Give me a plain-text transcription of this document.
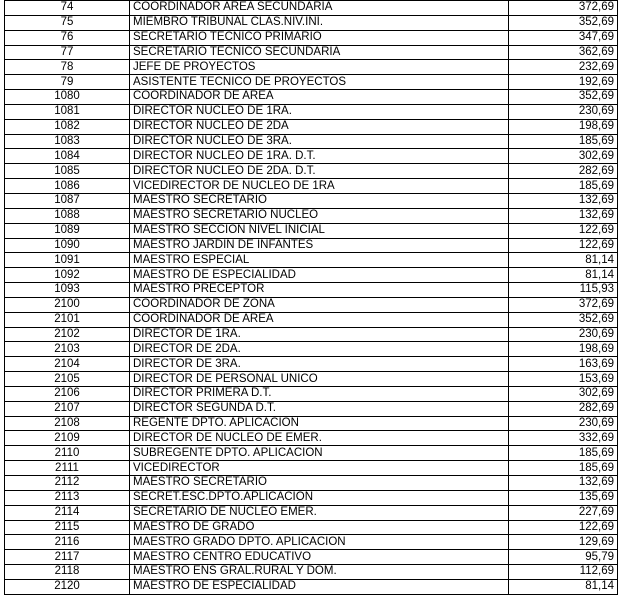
74	COORDINADOR AREA SECUNDARIA	372,69
75	MIEMBRO TRIBUNAL CLAS.NIV.INI.	352,69
76	SECRETARIO TECNICO PRIMARIO	347,69
77	SECRETARIO TECNICO SECUNDARIA	362,69
78	JEFE DE PROYECTOS	232,69
79	ASISTENTE TECNICO DE PROYECTOS	192,69
1080	COORDINADOR DE AREA	352,69
1081	DIRECTOR NUCLEO DE 1RA.	230,69
1082	DIRECTOR NUCLEO DE 2DA	198,69
1083	DIRECTOR NUCLEO DE 3RA.	185,69
1084	DIRECTOR NUCLEO DE 1RA. D.T.	302,69
1085	DIRECTOR NUCLEO DE 2DA. D.T.	282,69
1086	VICEDIRECTOR DE NUCLEO DE 1RA	185,69
1087	MAESTRO SECRETARIO	132,69
1088	MAESTRO SECRETARIO NUCLEO	132,69
1089	MAESTRO SECCION NIVEL INICIAL	122,69
1090	MAESTRO JARDIN DE INFANTES	122,69
1091	MAESTRO ESPECIAL	81,14
1092	MAESTRO DE ESPECIALIDAD	81,14
1093	MAESTRO PRECEPTOR	115,93
2100	COORDINADOR DE ZONA	372,69
2101	COORDINADOR DE AREA	352,69
2102	DIRECTOR DE 1RA.	230,69
2103	DIRECTOR DE 2DA.	198,69
2104	DIRECTOR DE 3RA.	163,69
2105	DIRECTOR DE PERSONAL UNICO	153,69
2106	DIRECTOR PRIMERA D.T.	302,69
2107	DIRECTOR SEGUNDA D.T.	282,69
2108	REGENTE DPTO. APLICACION	230,69
2109	DIRECTOR DE NUCLEO DE EMER.	332,69
2110	SUBREGENTE DPTO. APLICACION	185,69
2111	VICEDIRECTOR	185,69
2112	MAESTRO SECRETARIO	132,69
2113	SECRET.ESC.DPTO.APLICACION	135,69
2114	SECRETARIO DE NUCLEO EMER.	227,69
2115	MAESTRO DE GRADO	122,69
2116	MAESTRO GRADO DPTO. APLICACION	129,69
2117	MAESTRO CENTRO EDUCATIVO	95,79
2118	MAESTRO ENS GRAL.RURAL Y DOM.	112,69
2120	MAESTRO DE ESPECIALIDAD	81,14
